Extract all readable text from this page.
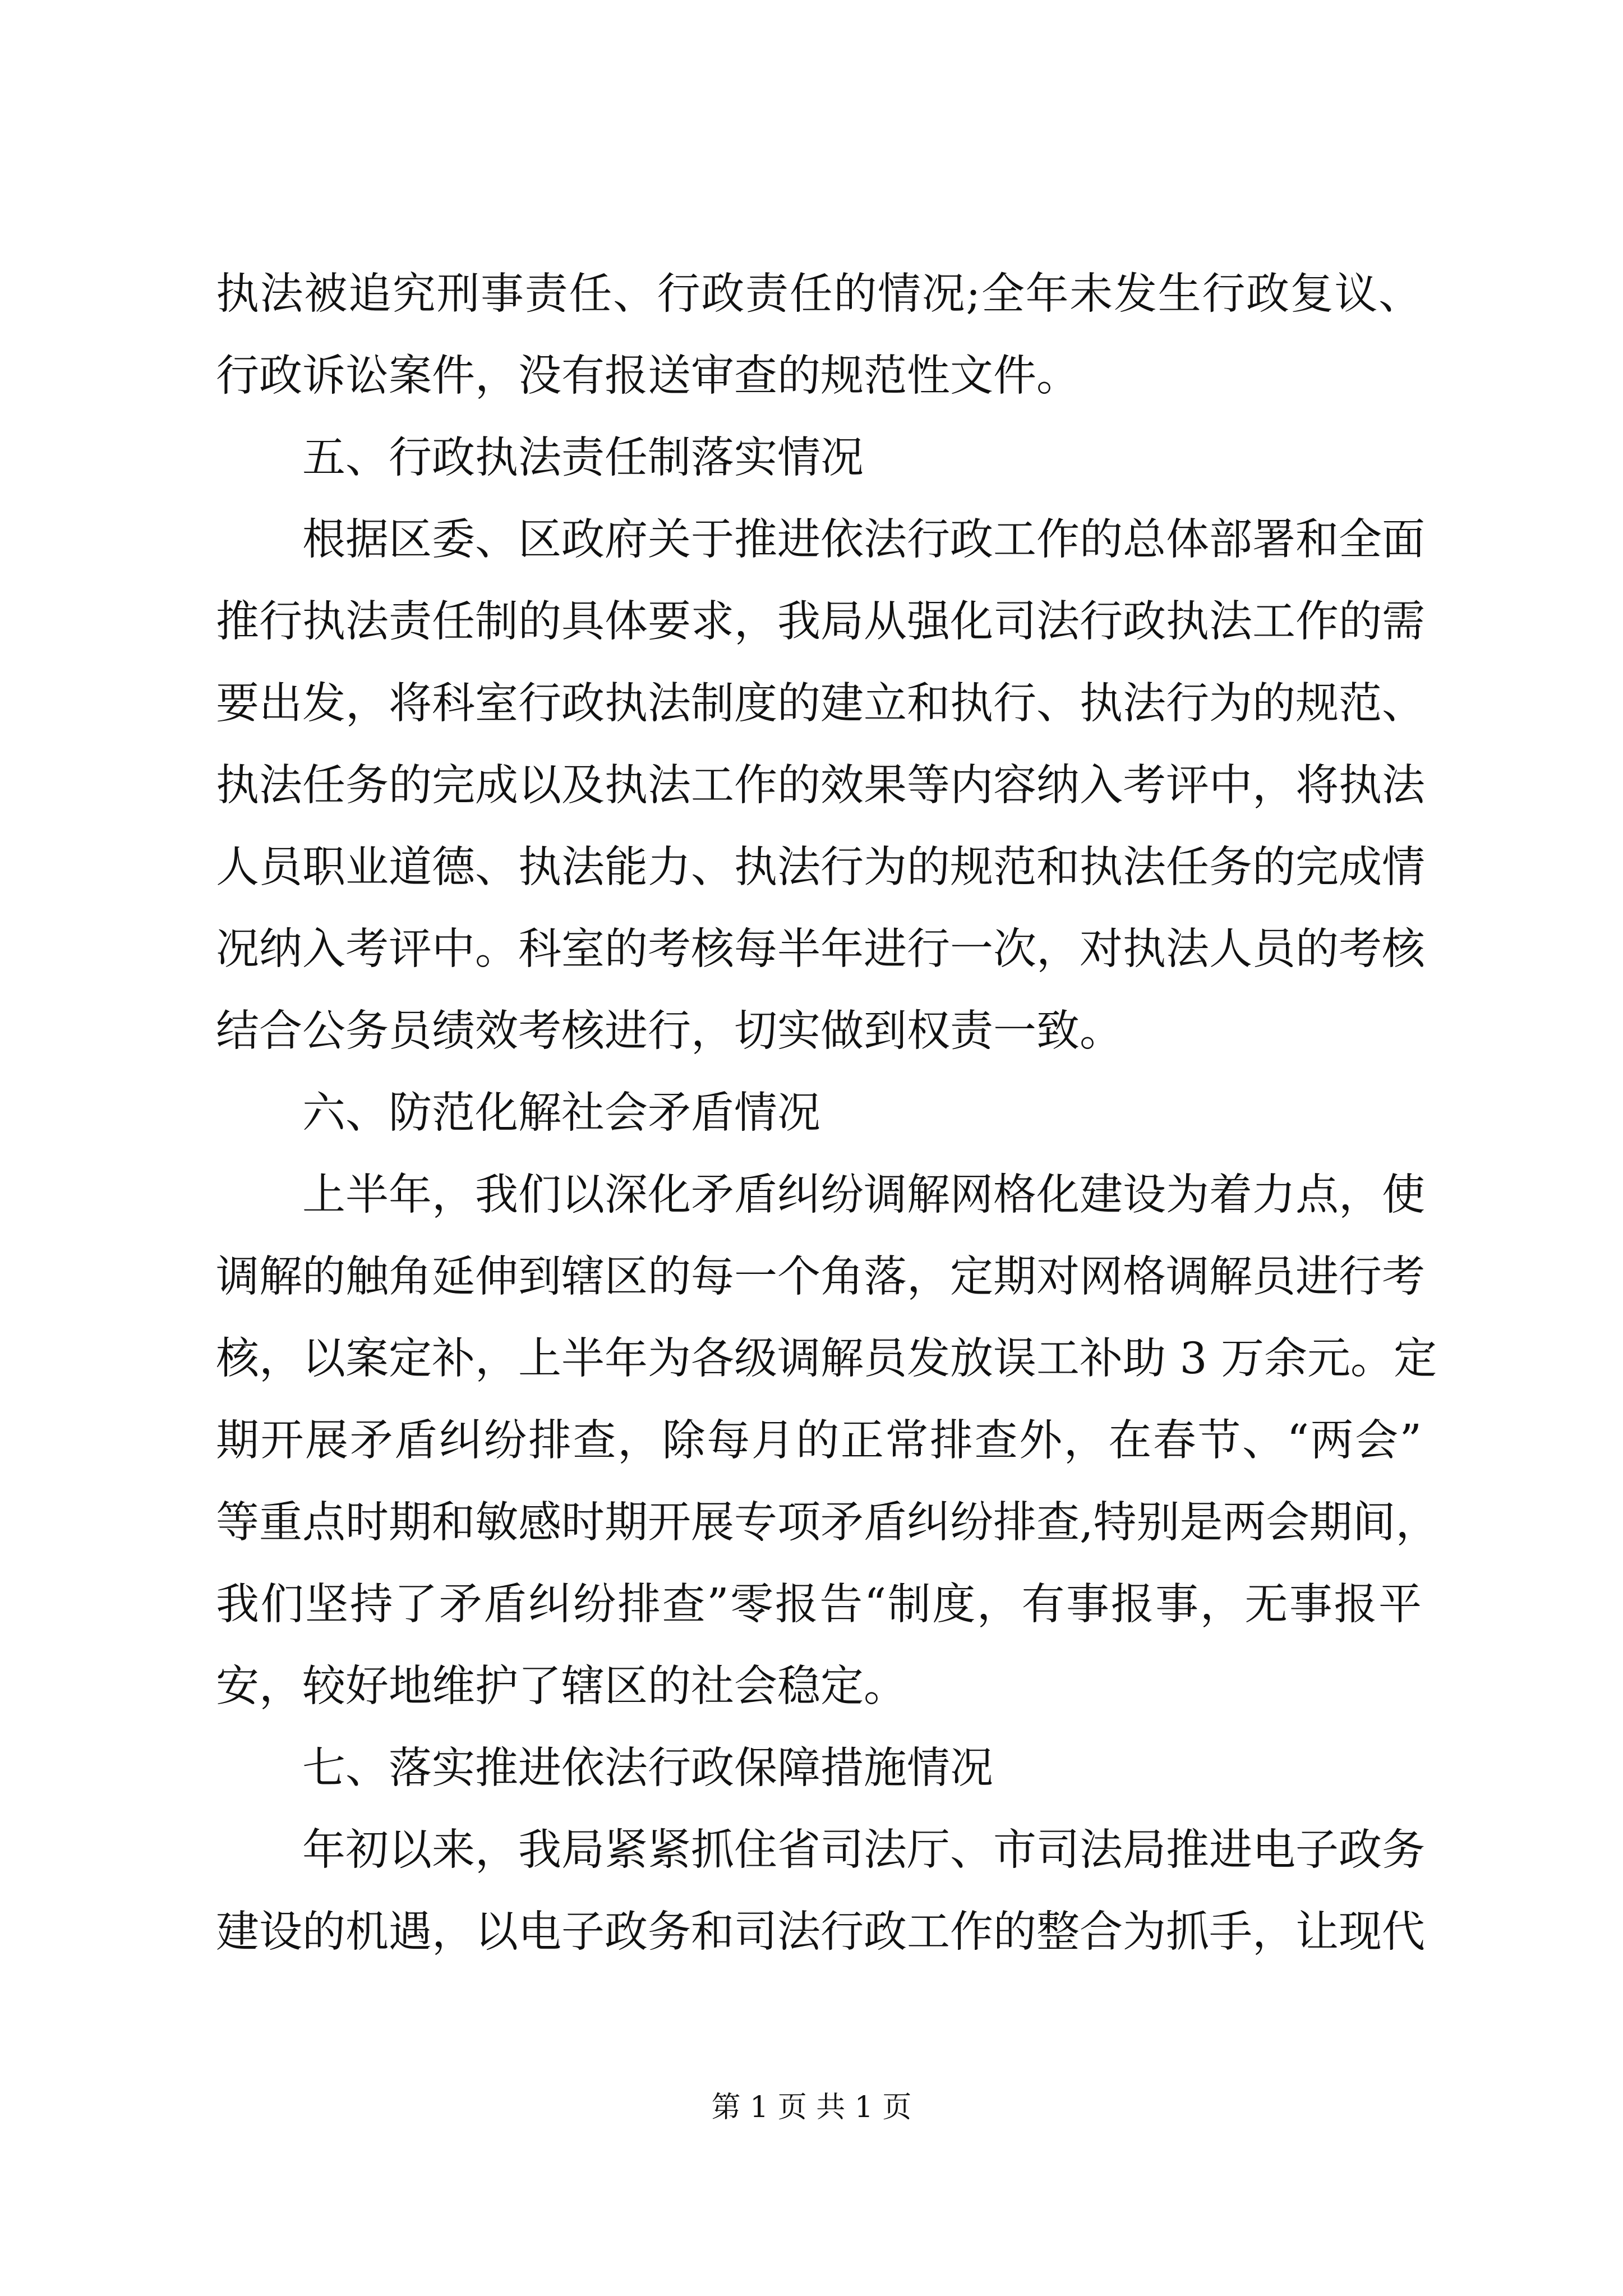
执法被追究刑事责任、行政责任的情况;全年未发生行政复议、
行政诉讼案件，没有报送审查的规范性文件。
五、行政执法责任制落实情况
根据区委、区政府关于推进依法行政工作的总体部署和全面
推行执法责任制的具体要求，我局从强化司法行政执法工作的需
要出发，将科室行政执法制度的建立和执行、执法行为的规范、
执法任务的完成以及执法工作的效果等内容纳入考评中，将执法
人员职业道德、执法能力、执法行为的规范和执法任务的完成情
况纳入考评中。科室的考核每半年进行一次，对执法人员的考核
结合公务员绩效考核进行，切实做到权责一致。
六、防范化解社会矛盾情况
上半年，我们以深化矛盾纠纷调解网格化建设为着力点，使
调解的触角延伸到辖区的每一个角落，定期对网格调解员进行考
核，以案定补，上半年为各级调解员发放误工补助 3 万余元。定
期开展矛盾纠纷排查，除每月的正常排查外，在春节、“两会”
等重点时期和敏感时期开展专项矛盾纠纷排查,特别是两会期间，
我们坚持了矛盾纠纷排查”零报告“制度，有事报事，无事报平
安，较好地维护了辖区的社会稳定。
七、落实推进依法行政保障措施情况
年初以来，我局紧紧抓住省司法厅、市司法局推进电子政务
建设的机遇，以电子政务和司法行政工作的整合为抓手，让现代
第 1 页 共 1 页
